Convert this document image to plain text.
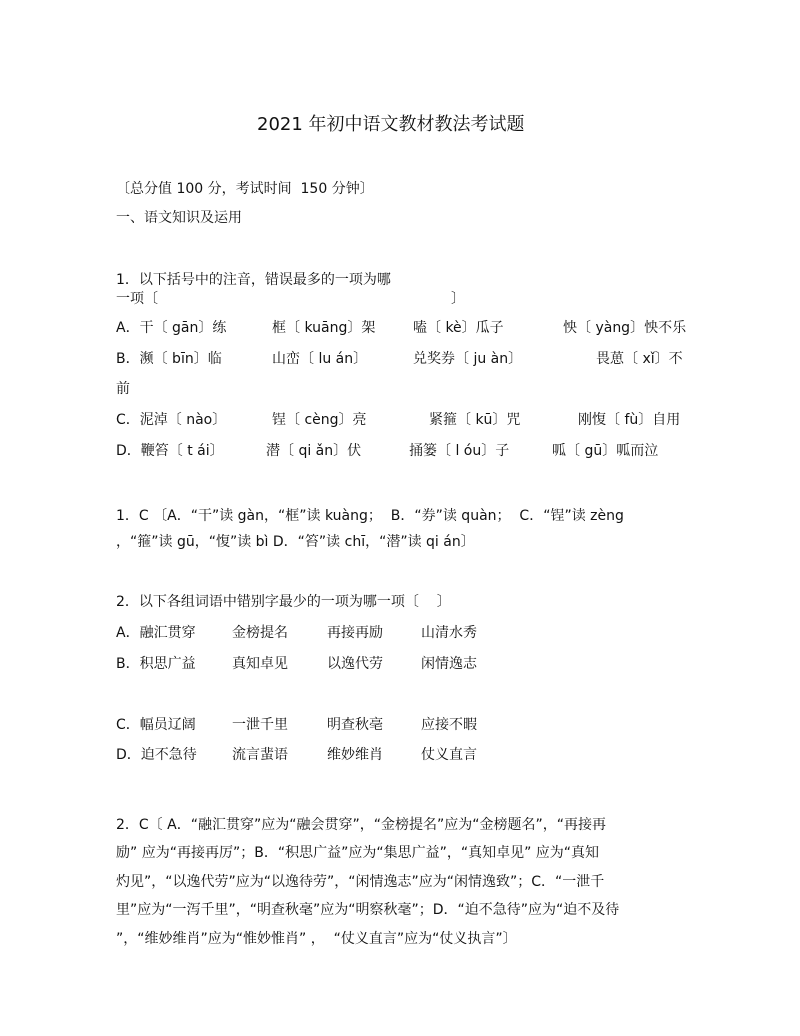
2021 年初中语文教材教法考试题
〔总分值 100 分，考试时间  150 分钟〕
一、语文知识及运用
1．以下括号中的注音，错误最多的一项为哪
一项〔	〕
A．干〔 gān〕练	框〔 kuāng〕架	嗑〔 kè〕瓜子	怏〔 yàng〕怏不乐
B．濒〔 bīn〕临	山峦〔 lu án〕	兑奖券〔 ju àn〕	畏葸〔 xǐ〕不
前
C．泥淖〔 nào〕	锃〔 cèng〕亮	紧箍〔 kū〕咒	刚愎〔 fù〕自用
D．鞭笞〔 t ái〕	潜〔 qi ǎn〕伏	捅篓〔 l óu〕子	呱〔 gū〕呱而泣
1．C 〔A．“干”读 gàn，“框”读 kuàng；  B．“券”读 quàn；  C．“锃”读 zèng
，“箍”读 gū，“愎”读 bì D．“笞”读 chī，“潜”读 qi án〕
2．以下各组词语中错别字最少的一项为哪一项〔    〕
A．融汇贯穿	金榜提名	再接再励	山清水秀
B．积思广益	真知卓见	以逸代劳	闲情逸志
C．幅员辽阔	一泄千里	明查秋亳	应接不暇
D．迫不急待	流言蜚语	维妙维肖	仗义直言
2．C〔 A．“融汇贯穿”应为“融会贯穿”，“金榜提名”应为“金榜题名”，“再接再
励” 应为“再接再厉”；B．“积思广益”应为“集思广益”，“真知卓见” 应为“真知
灼见”，“以逸代劳”应为“以逸待劳”，“闲情逸志”应为“闲情逸致”；C．“一泄千
里”应为“一泻千里”，“明查秋毫”应为“明察秋毫”；D．“迫不急待”应为“迫不及待
”，“维妙维肖”应为“惟妙惟肖” ，  “仗义直言”应为“仗义执言”〕
